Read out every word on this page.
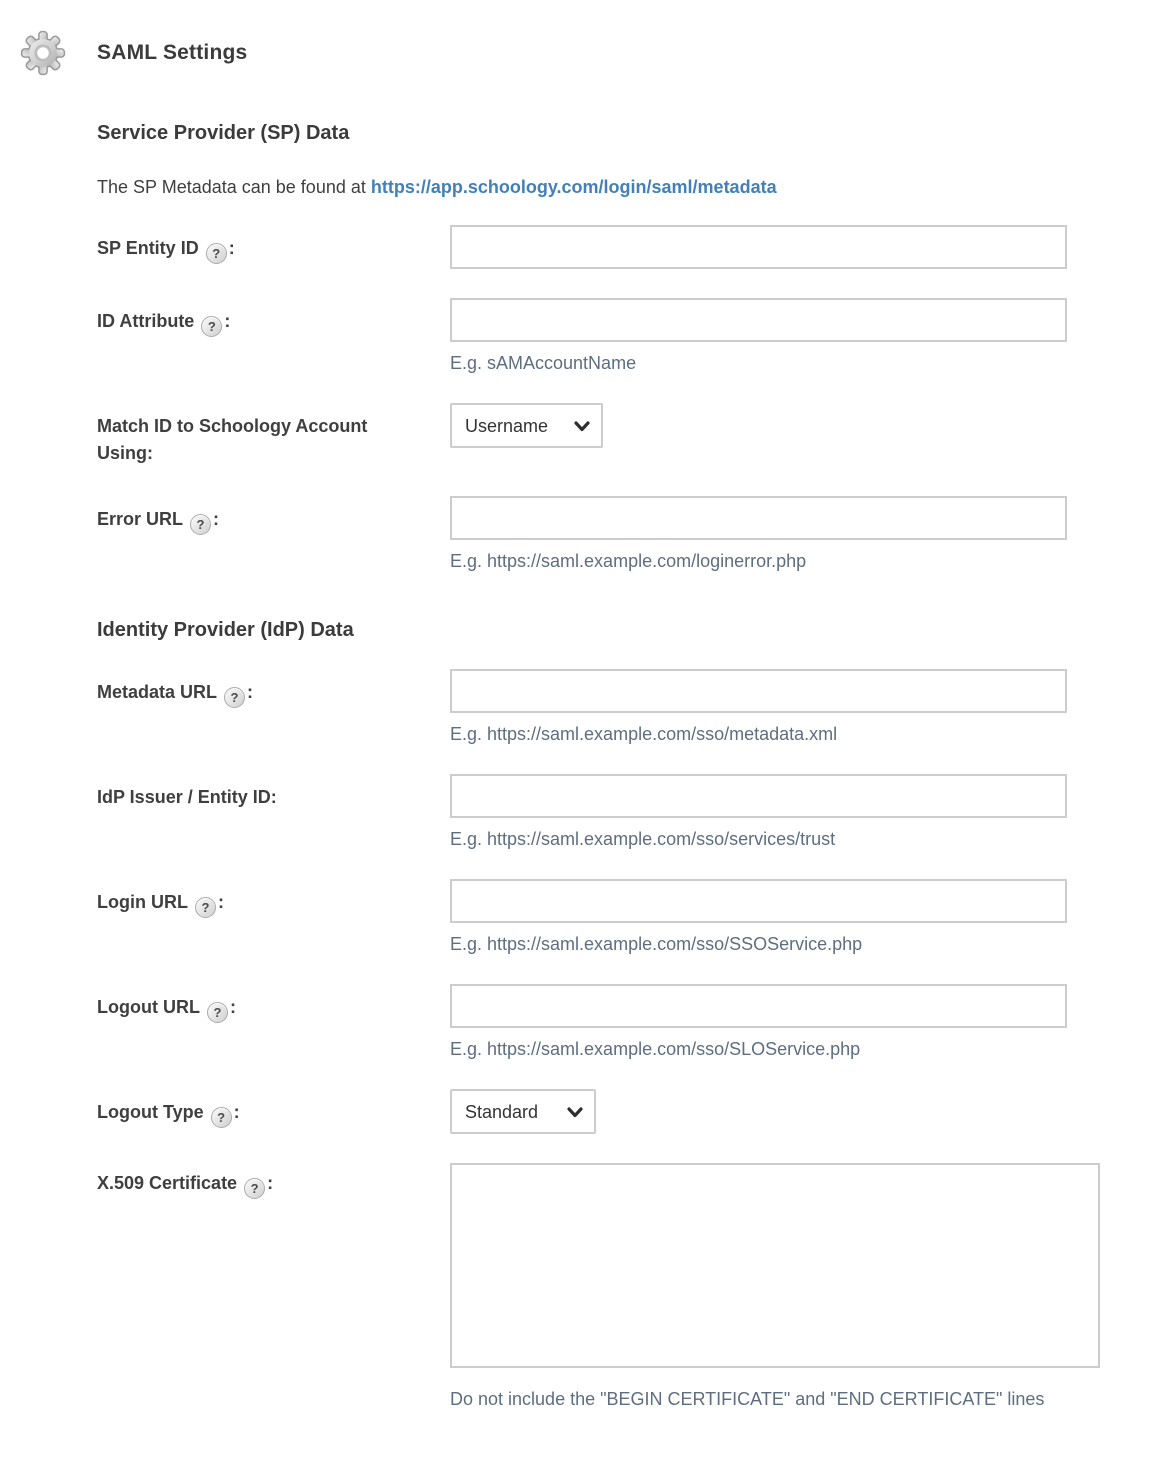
SAML Settings
Service Provider (SP) Data

The SP Metadata can be found at https://app.schoology.com/login/saml/metadata

SP Entity ID ? :
ID Attribute ? :
E.g. sAMAccountName
Match ID to Schoology Account Using:
Username
Error URL ? :
E.g. https://saml.example.com/loginerror.php
Identity Provider (IdP) Data
Metadata URL ? :
E.g. https://saml.example.com/sso/metadata.xml
IdP Issuer / Entity ID:
E.g. https://saml.example.com/sso/services/trust
Login URL ? :
E.g. https://saml.example.com/sso/SSOService.php
Logout URL ? :
E.g. https://saml.example.com/sso/SLOService.php
Logout Type ? :
Standard
X.509 Certificate ? :
Do not include the "BEGIN CERTIFICATE" and "END CERTIFICATE" lines
